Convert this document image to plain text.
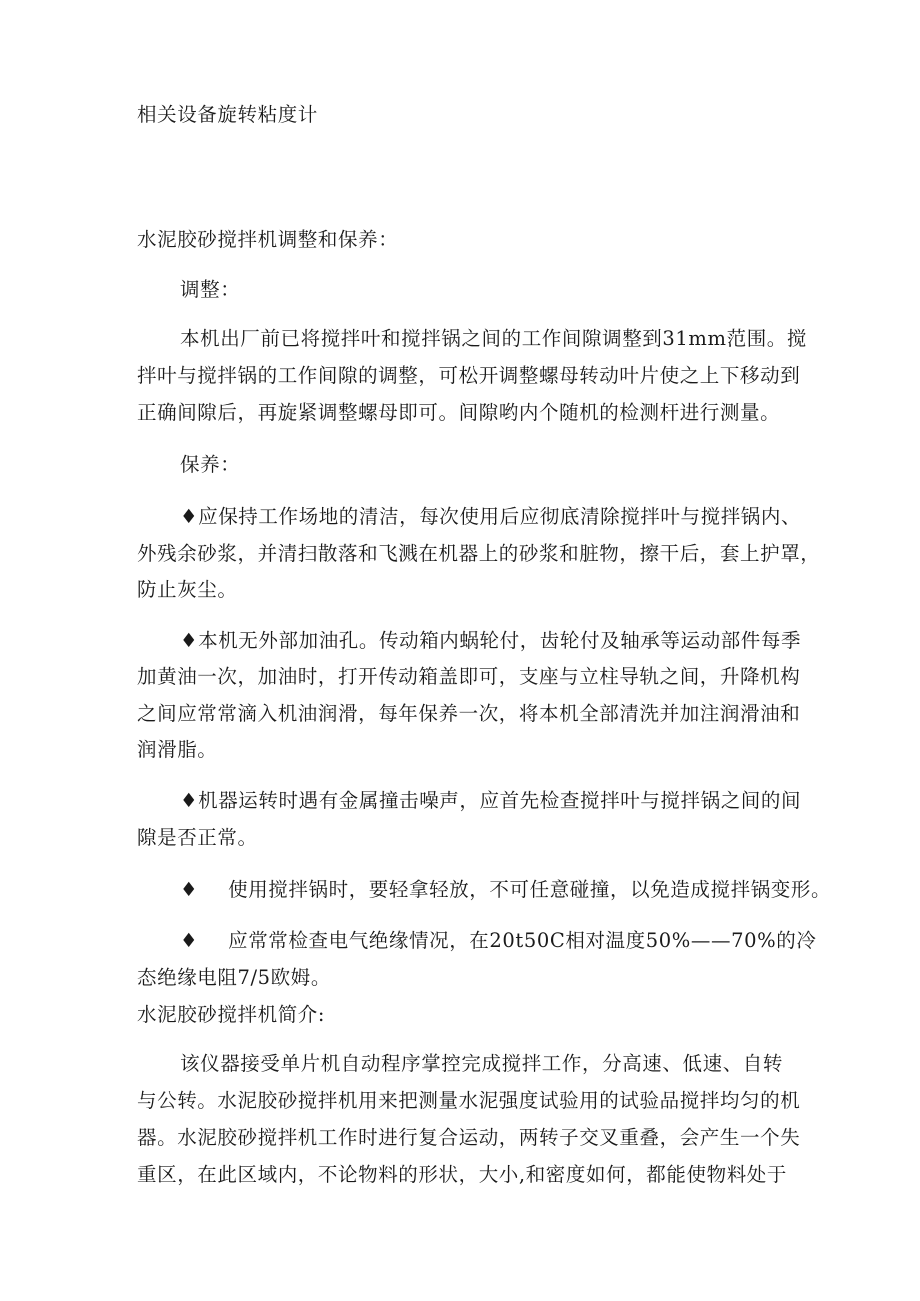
相关设备旋转粘度计
水泥胶砂搅拌机调整和保养：
调整：
本机出厂前已将搅拌叶和搅拌锅之间的工作间隙调整到31mm范围。搅
拌叶与搅拌锅的工作间隙的调整，可松开调整螺母转动叶片使之上下移动到
正确间隙后，再旋紧调整螺母即可。间隙哟内个随机的检测杆进行测量。
保养：
♦应保持工作场地的清洁，每次使用后应彻底清除搅拌叶与搅拌锅内、
外残余砂浆，并清扫散落和飞溅在机器上的砂浆和脏物，擦干后，套上护罩，
防止灰尘。
♦本机无外部加油孔。传动箱内蜗轮付，齿轮付及轴承等运动部件每季
加黄油一次，加油时，打开传动箱盖即可，支座与立柱导轨之间，升降机构
之间应常常滴入机油润滑，每年保养一次，将本机全部清洗并加注润滑油和
润滑脂。
♦机器运转时遇有金属撞击噪声，应首先检查搅拌叶与搅拌锅之间的间
隙是否正常。
♦ 使用搅拌锅时，要轻拿轻放，不可任意碰撞，以免造成搅拌锅变形。
♦ 应常常检查电气绝缘情况，在20t50C相对温度50%——70%的冷
态绝缘电阻7/5欧姆。
水泥胶砂搅拌机简介:
该仪器接受单片机自动程序掌控完成搅拌工作，分高速、低速、自转
与公转。水泥胶砂搅拌机用来把测量水泥强度试验用的试验品搅拌均匀的机
器。水泥胶砂搅拌机工作时进行复合运动，两转子交叉重叠，会产生一个失
重区，在此区域内，不论物料的形状，大小,和密度如何，都能使物料处于
